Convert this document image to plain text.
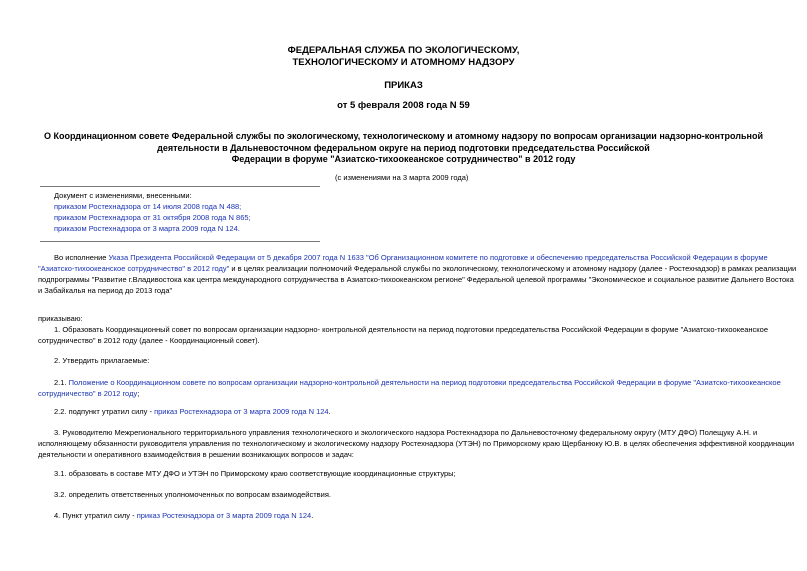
ФЕДЕРАЛЬНАЯ СЛУЖБА ПО ЭКОЛОГИЧЕСКОМУ,
ТЕХНОЛОГИЧЕСКОМУ И АТОМНОМУ НАДЗОРУ
ПРИКАЗ
от 5 февраля 2008 года N 59
О Координационном совете Федеральной службы по экологическому, технологическому и атомному надзору по вопросам организации надзорно-контрольной
деятельности в Дальневосточном федеральном округе на период подготовки председательства Российской
Федерации в форуме "Азиатско-тихоокеанское сотрудничество" в 2012 году
(с изменениями на 3 марта 2009 года)
Документ с изменениями, внесенными:
приказом Ростехнадзора от 14 июля 2008 года N 488;
приказом Ростехнадзора от 31 октября 2008 года N 865;
приказом Ростехнадзора от 3 марта 2009 года N 124.
Во исполнение Указа Президента Российской Федерации от 5 декабря 2007 года N 1633 "Об Организационном комитете по подготовке и обеспечению председательства Российской Федерации в форуме
"Азиатско-тихоокеанское сотрудничество" в 2012 году" и в целях реализации полномочий Федеральной службы по экологическому, технологическому и атомному надзору (далее - Ростехнадзор) в рамках реализации
подпрограммы "Развитие г.Владивостока как центра международного сотрудничества в Азиатско-тихоокеанском регионе" Федеральной целевой программы "Экономическое и социальное развитие Дальнего Востока
и Забайкалья на период до 2013 года"
приказываю:
1. Образовать Координационный совет по вопросам организации надзорно- контрольной деятельности на период подготовки председательства Российской Федерации в форуме "Азиатско-тихоокеанское
сотрудничество" в 2012 году (далее - Координационный совет).
2. Утвердить прилагаемые:
2.1. Положение о Координационном совете по вопросам организации надзорно-контрольной деятельности на период подготовки председательства Российской Федерации в форуме "Азиатско-тихоокеанское
сотрудничество" в 2012 году;
2.2. подпункт утратил силу - приказ Ростехнадзора от 3 марта 2009 года N 124.
3. Руководителю Межрегионального территориального управления технологического и экологического надзора Ростехнадзора по Дальневосточному федеральному округу (МТУ ДФО) Полещуку А.Н. и
исполняющему обязанности руководителя управления по технологическому и экологическому надзору Ростехнадзора (УТЭН) по Приморскому краю Щербанюку Ю.В. в целях обеспечения эффективной координации
деятельности и оперативного взаимодействия в решении возникающих вопросов и задач:
3.1. образовать в составе МТУ ДФО и УТЭН по Приморскому краю соответствующие координационные структуры;
3.2. определить ответственных уполномоченных по вопросам взаимодействия.
4. Пункт утратил силу - приказ Ростехнадзора от 3 марта 2009 года N 124.
